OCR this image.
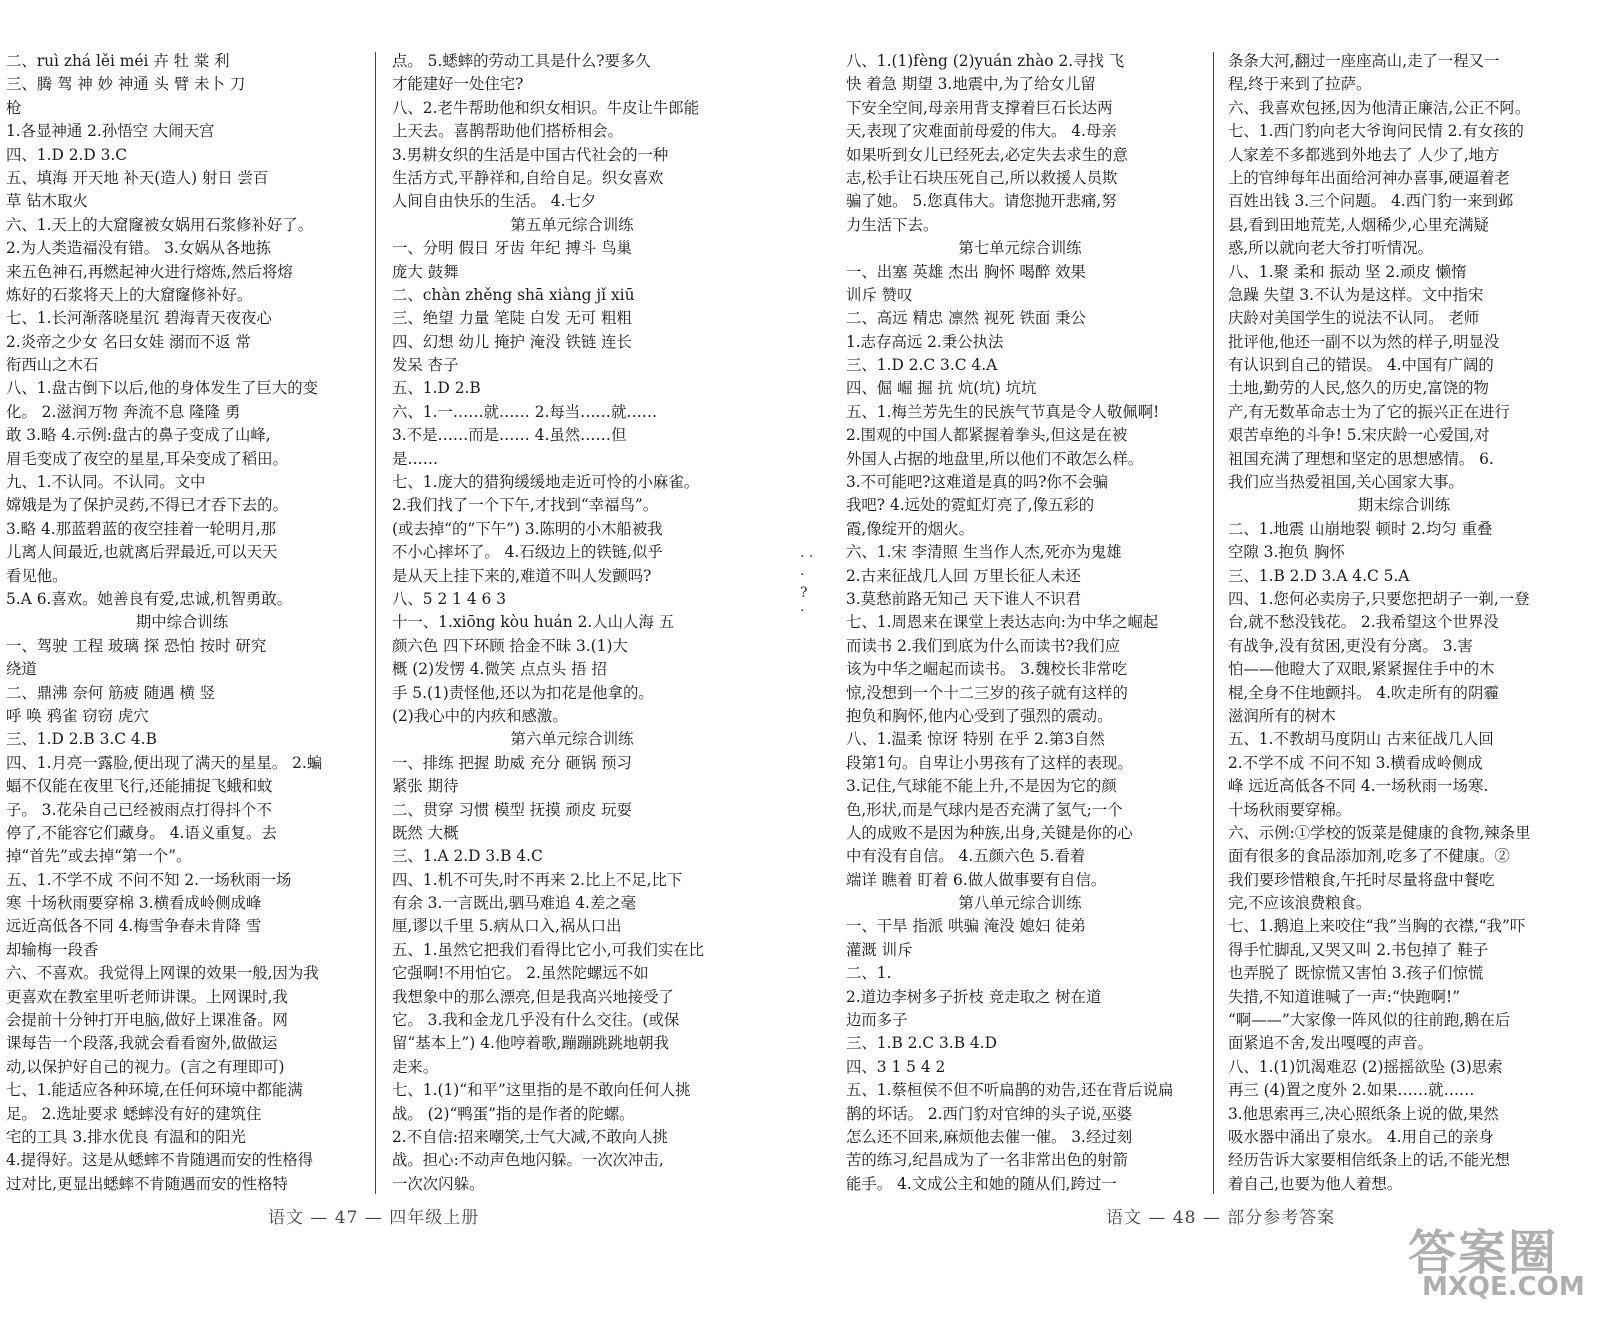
二、ruì zhá lěi méi 卉 牡 棠 利
三、腾 驾 神 妙 神通 头 臂 未卜 刀
枪
1.各显神通 2.孙悟空 大闹天宫
四、1.D 2.D 3.C
五、填海 开天地 补天(造人) 射日 尝百
草 钻木取火
六、1.天上的大窟窿被女娲用石浆修补好了。
2.为人类造福没有错。 3.女娲从各地拣
来五色神石,再燃起神火进行熔炼,然后将熔
炼好的石浆将天上的大窟窿修补好。
七、1.长河渐落晓星沉 碧海青天夜夜心
2.炎帝之少女 名曰女娃 溺而不返 常
衔西山之木石
八、1.盘古倒下以后,他的身体发生了巨大的变
化。 2.滋润万物 奔流不息 隆隆 勇
敢 3.略 4.示例:盘古的鼻子变成了山峰,
眉毛变成了夜空的星星,耳朵变成了稻田。
九、1.不认同。不认同。文中
嫦娥是为了保护灵药,不得已才吞下去的。
3.略 4.那蓝碧蓝的夜空挂着一轮明月,那
儿离人间最近,也就离后羿最近,可以天天
看见他。
5.A 6.喜欢。她善良有爱,忠诚,机智勇敢。
期中综合训练
一、驾驶 工程 玻璃 探 恐怕 按时 研究
绕道
二、鼎沸 奈何 筋疲 随遇 横 竖
呼 唤 鸦雀 窃窃 虎穴
三、1.D 2.B 3.C 4.B
四、1.月亮一露脸,便出现了满天的星星。 2.蝙
蝠不仅能在夜里飞行,还能捕捉飞蛾和蚊
子。 3.花朵自己已经被雨点打得抖个不
停了,不能容它们藏身。 4.语义重复。去
掉“首先”或去掉“第一个”。
五、1.不学不成 不问不知 2.一场秋雨一场
寒 十场秋雨要穿棉 3.横看成岭侧成峰
远近高低各不同 4.梅雪争春未肯降 雪
却输梅一段香
六、不喜欢。我觉得上网课的效果一般,因为我
更喜欢在教室里听老师讲课。上网课时,我
会提前十分钟打开电脑,做好上课准备。网
课每告一个段落,我就会看看窗外,做做运
动,以保护好自己的视力。(言之有理即可)
七、1.能适应各种环境,在任何环境中都能满
足。 2.选址要求 蟋蟀没有好的建筑住
宅的工具 3.排水优良 有温和的阳光
4.提得好。这是从蟋蟀不肯随遇而安的性格得
过对比,更显出蟋蟀不肯随遇而安的性格特
点。 5.蟋蟀的劳动工具是什么?要多久
才能建好一处住宅?
八、2.老牛帮助他和织女相识。牛皮让牛郎能
上天去。喜鹊帮助他们搭桥相会。
3.男耕女织的生活是中国古代社会的一种
生活方式,平静祥和,自给自足。织女喜欢
人间自由快乐的生活。 4.七夕
第五单元综合训练
一、分明 假日 牙齿 年纪 搏斗 鸟巢
庞大 鼓舞
二、chàn zhěng shā xiàng jǐ xiū
三、绝望 力量 笔陡 白发 无可 粗粗
四、幻想 幼儿 掩护 淹没 铁链 连长
发呆 杏子
五、1.D 2.B
六、1.一……就…… 2.每当……就……
3.不是……而是…… 4.虽然……但
是……
七、1.庞大的猎狗缓缓地走近可怜的小麻雀。
2.我们找了一个下午,才找到“幸福鸟”。
(或去掉“的”下午”) 3.陈明的小木船被我
不小心摔坏了。 4.石级边上的铁链,似乎
是从天上挂下来的,难道不叫人发颤吗?
八、5 2 1 4 6 3
十一、1.xiōng kòu huán 2.人山人海 五
颜六色 四下环顾 拾金不昧 3.(1)大
概 (2)发愣 4.微笑 点点头 捂 招
手 5.(1)责怪他,还以为扣花是他拿的。
(2)我心中的内疚和感激。
第六单元综合训练
一、排练 把握 助威 充分 砸锅 预习
紧张 期待
二、贯穿 习惯 模型 抚摸 顽皮 玩耍
既然 大概
三、1.A 2.D 3.B 4.C
四、1.机不可失,时不再来 2.比上不足,比下
有余 3.一言既出,驷马难追 4.差之毫
厘,谬以千里 5.病从口入,祸从口出
五、1.虽然它把我们看得比它小,可我们实在比
它强啊!不用怕它。 2.虽然陀螺远不如
我想象中的那么漂亮,但是我高兴地接受了
它。 3.我和金龙几乎没有什么交往。(或保
留“基本上”) 4.他哼着歌,蹦蹦跳跳地朝我
走来。
七、1.(1)“和平”这里指的是不敢向任何人挑
战。 (2)“鸭蛋”指的是作者的陀螺。
2.不自信:招来嘲笑,士气大减,不敢向人挑
战。担心:不动声色地闪躲。一次次冲击,
一次次闪躲。
· · · ? ·
八、1.(1)fèng (2)yuán zhào 2.寻找 飞
快 着急 期望 3.地震中,为了给女儿留
下安全空间,母亲用背支撑着巨石长达两
天,表现了灾难面前母爱的伟大。 4.母亲
如果听到女儿已经死去,必定失去求生的意
志,松手让石块压死自己,所以救援人员欺
骗了她。 5.您真伟大。请您抛开悲痛,努
力生活下去。
第七单元综合训练
一、出塞 英雄 杰出 胸怀 喝醉 效果
训斥 赞叹
二、高远 精忠 凛然 视死 铁面 秉公
1.志存高远 2.秉公执法
三、1.D 2.C 3.C 4.A
四、倔 崛 掘 抗 炕(坑) 坑坑
五、1.梅兰芳先生的民族气节真是令人敬佩啊!
2.围观的中国人都紧握着拳头,但这是在被
外国人占据的地盘里,所以他们不敢怎么样。
3.不可能吧?这难道是真的吗?你不会骗
我吧? 4.远处的霓虹灯亮了,像五彩的
霞,像绽开的烟火。
六、1.宋 李清照 生当作人杰,死亦为鬼雄
2.古来征战几人回 万里长征人未还
3.莫愁前路无知己 天下谁人不识君
七、1.周恩来在课堂上表达志向:为中华之崛起
而读书 2.我们到底为什么而读书?我们应
该为中华之崛起而读书。 3.魏校长非常吃
惊,没想到一个十二三岁的孩子就有这样的
抱负和胸怀,他内心受到了强烈的震动。
八、1.温柔 惊讶 特别 在乎 2.第3自然
段第1句。自卑让小男孩有了这样的表现。
3.记住,气球能不能上升,不是因为它的颜
色,形状,而是气球内是否充满了氢气;一个
人的成败不是因为种族,出身,关键是你的心
中有没有自信。 4.五颜六色 5.看着
端详 瞧着 盯着 6.做人做事要有自信。
第八单元综合训练
一、干旱 指派 哄骗 淹没 媳妇 徒弟
灌溉 训斥
二、1.
2.道边李树多子折枝 竞走取之 树在道
边而多子
三、1.B 2.C 3.B 4.D
四、3 1 5 4 2
五、1.蔡桓侯不但不听扁鹊的劝告,还在背后说扁
鹊的坏话。 2.西门豹对官绅的头子说,巫婆
怎么还不回来,麻烦他去催一催。 3.经过刻
苦的练习,纪昌成为了一名非常出色的射箭
能手。 4.文成公主和她的随从们,跨过一
条条大河,翻过一座座高山,走了一程又一
程,终于来到了拉萨。
六、我喜欢包拯,因为他清正廉洁,公正不阿。
七、1.西门豹向老大爷询问民情 2.有女孩的
人家差不多都逃到外地去了 人少了,地方
上的官绅每年出面给河神办喜事,硬逼着老
百姓出钱 3.三个问题。 4.西门豹一来到邺
县,看到田地荒芜,人烟稀少,心里充满疑
惑,所以就向老大爷打听情况。
八、1.聚 柔和 振动 坚 2.顽皮 懒惰
急躁 失望 3.不认为是这样。文中指宋
庆龄对美国学生的说法不认同。 老师
批评他,他还一副不以为然的样子,明显没
有认识到自己的错误。 4.中国有广阔的
土地,勤劳的人民,悠久的历史,富饶的物
产,有无数革命志士为了它的振兴正在进行
艰苦卓绝的斗争! 5.宋庆龄一心爱国,对
祖国充满了理想和坚定的思想感情。 6.
我们应当热爱祖国,关心国家大事。
期末综合训练
二、1.地震 山崩地裂 顿时 2.均匀 重叠
空隙 3.抱负 胸怀
三、1.B 2.D 3.A 4.C 5.A
四、1.您何必卖房子,只要您把胡子一剃,一登
台,就不愁没钱花。 2.我希望这个世界没
有战争,没有贫困,更没有分离。 3.害
怕——他瞪大了双眼,紧紧握住手中的木
棍,全身不住地颤抖。 4.吹走所有的阴霾
滋润所有的树木
五、1.不教胡马度阴山 古来征战几人回
2.不学不成 不问不知 3.横看成岭侧成
峰 远近高低各不同 4.一场秋雨一场寒.
十场秋雨要穿棉。
六、示例:①学校的饭菜是健康的食物,辣条里
面有很多的食品添加剂,吃多了不健康。②
我们要珍惜粮食,午托时尽量将盘中餐吃
完,不应该浪费粮食。
七、1.鹅追上来咬住“我”当胸的衣襟,“我”吓
得手忙脚乱,又哭又叫 2.书包掉了 鞋子
也弄脱了 既惊慌又害怕 3.孩子们惊慌
失措,不知道谁喊了一声:“快跑啊!”
“啊——”大家像一阵风似的往前跑,鹅在后
面紧追不舍,发出嘎嘎的声音。
八、1.(1)饥渴难忍 (2)摇摇欲坠 (3)思索
再三 (4)置之度外 2.如果……就……
3.他思索再三,决心照纸条上说的做,果然
吸水器中涌出了泉水。 4.用自己的亲身
经历告诉大家要相信纸条上的话,不能光想
着自己,也要为他人着想。
语文 — 47 — 四年级上册	语文 — 48 — 部分参考答案
答案圈
MXQE.COM
